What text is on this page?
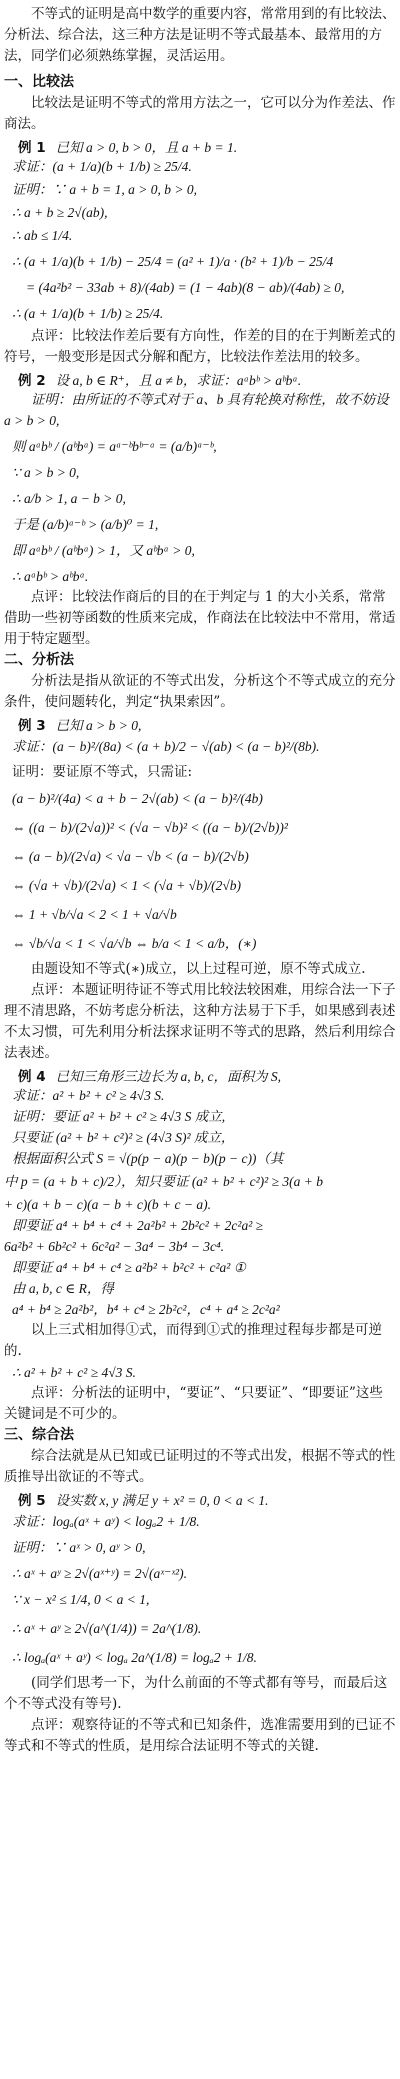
不等式的证明是高中数学的重要内容，常常用到的有比较法、分析法、综合法，这三种方法是证明不等式最基本、最常用的方法，同学们必须熟练掌握，灵活运用。

一、比较法

比较法是证明不等式的常用方法之一，它可以分为作差法、作商法。

例 1 已知 a > 0, b > 0，且 a + b = 1.
求证：(a + 1/a)(b + 1/b) ≥ 25/4.
证明：∵ a + b = 1, a > 0, b > 0,
∴ a + b ≥ 2√(ab),
∴ ab ≤ 1/4.
∴ (a + 1/a)(b + 1/b) − 25/4 = (a² + 1)/a · (b² + 1)/b − 25/4
= (4a²b² − 33ab + 8)/(4ab) = (1 − 4ab)(8 − ab)/(4ab) ≥ 0,
∴ (a + 1/a)(b + 1/b) ≥ 25/4.

点评：比较法作差后要有方向性，作差的目的在于判断差式的符号，一般变形是因式分解和配方，比较法作差法用的较多。

例 2 设 a, b ∈ R⁺，且 a ≠ b，求证：aᵃbᵇ > aᵇbᵃ.

证明：由所证的不等式对于 a、b 具有轮换对称性，故不妨设 a > b > 0,

则 aᵃbᵇ / (aᵇbᵃ) = aᵃ⁻ᵇbᵇ⁻ᵃ = (a/b)ᵃ⁻ᵇ,
∵ a > b > 0,
∴ a/b > 1, a − b > 0,
于是 (a/b)ᵃ⁻ᵇ > (a/b)⁰ = 1,
即 aᵃbᵇ / (aᵇbᵃ) > 1，又 aᵇbᵃ > 0,
∴ aᵃbᵇ > aᵇbᵃ.

点评：比较法作商后的目的在于判定与 1 的大小关系，常常借助一些初等函数的性质来完成，作商法在比较法中不常用，常适用于特定题型。

二、分析法

分析法是指从欲证的不等式出发，分析这个不等式成立的充分条件，使问题转化，判定“执果索因”。

例 3 已知 a > b > 0,
求证：(a − b)²/(8a) < (a + b)/2 − √(ab) < (a − b)²/(8b).
证明：要证原不等式，只需证:
(a − b)²/(4a) < a + b − 2√(ab) < (a − b)²/(4b)
⇔ ((a − b)/(2√a))² < (√a − √b)² < ((a − b)/(2√b))²
⇔ (a − b)/(2√a) < √a − √b < (a − b)/(2√b)
⇔ (√a + √b)/(2√a) < 1 < (√a + √b)/(2√b)
⇔ 1 + √b/√a < 2 < 1 + √a/√b
⇔ √b/√a < 1 < √a/√b ⇔ b/a < 1 < a/b，(∗)

由题设知不等式(∗)成立，以上过程可逆，原不等式成立.

点评：本题证明待证不等式用比较法较困难，用综合法一下子理不清思路，不妨考虑分析法，这种方法易于下手，如果感到表述不太习惯，可先利用分析法探求证明不等式的思路，然后利用综合法表述。

例 4 已知三角形三边长为 a, b, c，面积为 S,
求证：a² + b² + c² ≥ 4√3 S.
证明：要证 a² + b² + c² ≥ 4√3 S 成立,
只要证 (a² + b² + c²)² ≥ (4√3 S)² 成立，
根据面积公式 S = √(p(p − a)(p − b)(p − c))（其
中 p = (a + b + c)/2），知只要证 (a² + b² + c²)² ≥ 3(a + b
+ c)(a + b − c)(a − b + c)(b + c − a).
即要证 a⁴ + b⁴ + c⁴ + 2a²b² + 2b²c² + 2c²a² ≥
6a²b² + 6b²c² + 6c²a² − 3a⁴ − 3b⁴ − 3c⁴.
即要证 a⁴ + b⁴ + c⁴ ≥ a²b² + b²c² + c²a² ①
由 a, b, c ∈ R，得
a⁴ + b⁴ ≥ 2a²b²，b⁴ + c⁴ ≥ 2b²c²，c⁴ + a⁴ ≥ 2c²a²

以上三式相加得①式，而得到①式的推理过程每步都是可逆的.

∴ a² + b² + c² ≥ 4√3 S.

点评：分析法的证明中，“要证”、“只要证”、“即要证”这些关键词是不可少的。

三、综合法

综合法就是从已知或已证明过的不等式出发，根据不等式的性质推导出欲证的不等式。

例 5 设实数 x, y 满足 y + x² = 0, 0 < a < 1.
求证：logₐ(aˣ + aʸ) < logₐ2 + 1/8.
证明：∵ aˣ > 0, aʸ > 0,
∴ aˣ + aʸ ≥ 2√(aˣ⁺ʸ) = 2√(aˣ⁻ˣ²).
∵ x − x² ≤ 1/4, 0 < a < 1,
∴ aˣ + aʸ ≥ 2√(a^(1/4)) = 2a^(1/8).
∴ logₐ(aˣ + aʸ) < logₐ 2a^(1/8) = logₐ2 + 1/8.

(同学们思考一下，为什么前面的不等式都有等号，而最后这个不等式没有等号).

点评：观察待证的不等式和已知条件，选准需要用到的已证不等式和不等式的性质，是用综合法证明不等式的关键.
